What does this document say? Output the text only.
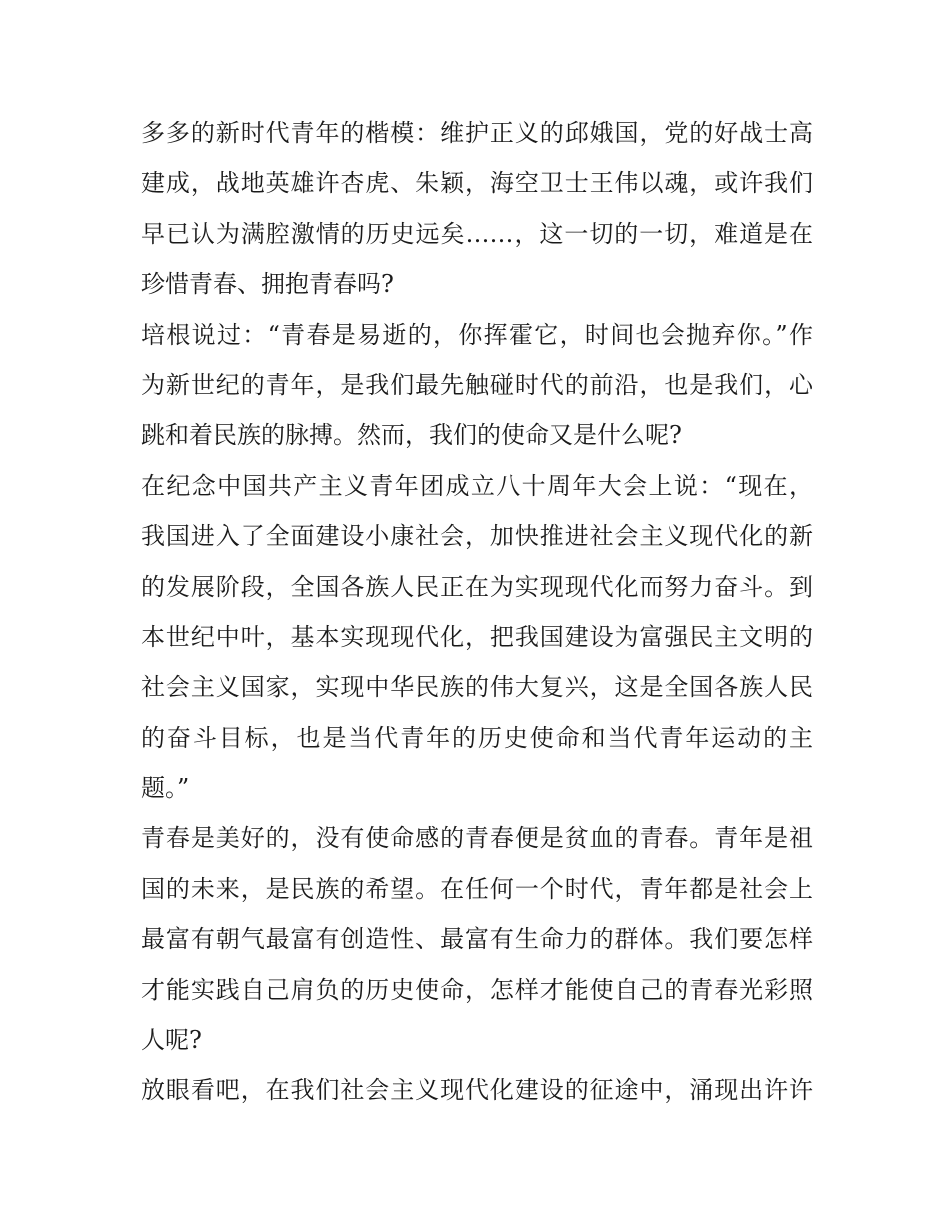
多多的新时代青年的楷模：维护正义的邱娥国，党的好战士高
建成，战地英雄许杏虎、朱颖，海空卫士王伟以魂，或许我们
早已认为满腔激情的历史远矣……，这一切的一切，难道是在
珍惜青春、拥抱青春吗?
培根说过：“青春是易逝的，你挥霍它，时间也会抛弃你。”作
为新世纪的青年，是我们最先触碰时代的前沿，也是我们，心
跳和着民族的脉搏。然而，我们的使命又是什么呢?
在纪念中国共产主义青年团成立八十周年大会上说：“现在，
我国进入了全面建设小康社会，加快推进社会主义现代化的新
的发展阶段，全国各族人民正在为实现现代化而努力奋斗。到
本世纪中叶，基本实现现代化，把我国建设为富强民主文明的
社会主义国家，实现中华民族的伟大复兴，这是全国各族人民
的奋斗目标，也是当代青年的历史使命和当代青年运动的主
题。”
青春是美好的，没有使命感的青春便是贫血的青春。青年是祖
国的未来，是民族的希望。在任何一个时代，青年都是社会上
最富有朝气最富有创造性、最富有生命力的群体。我们要怎样
才能实践自己肩负的历史使命，怎样才能使自己的青春光彩照
人呢?
放眼看吧，在我们社会主义现代化建设的征途中，涌现出许许
